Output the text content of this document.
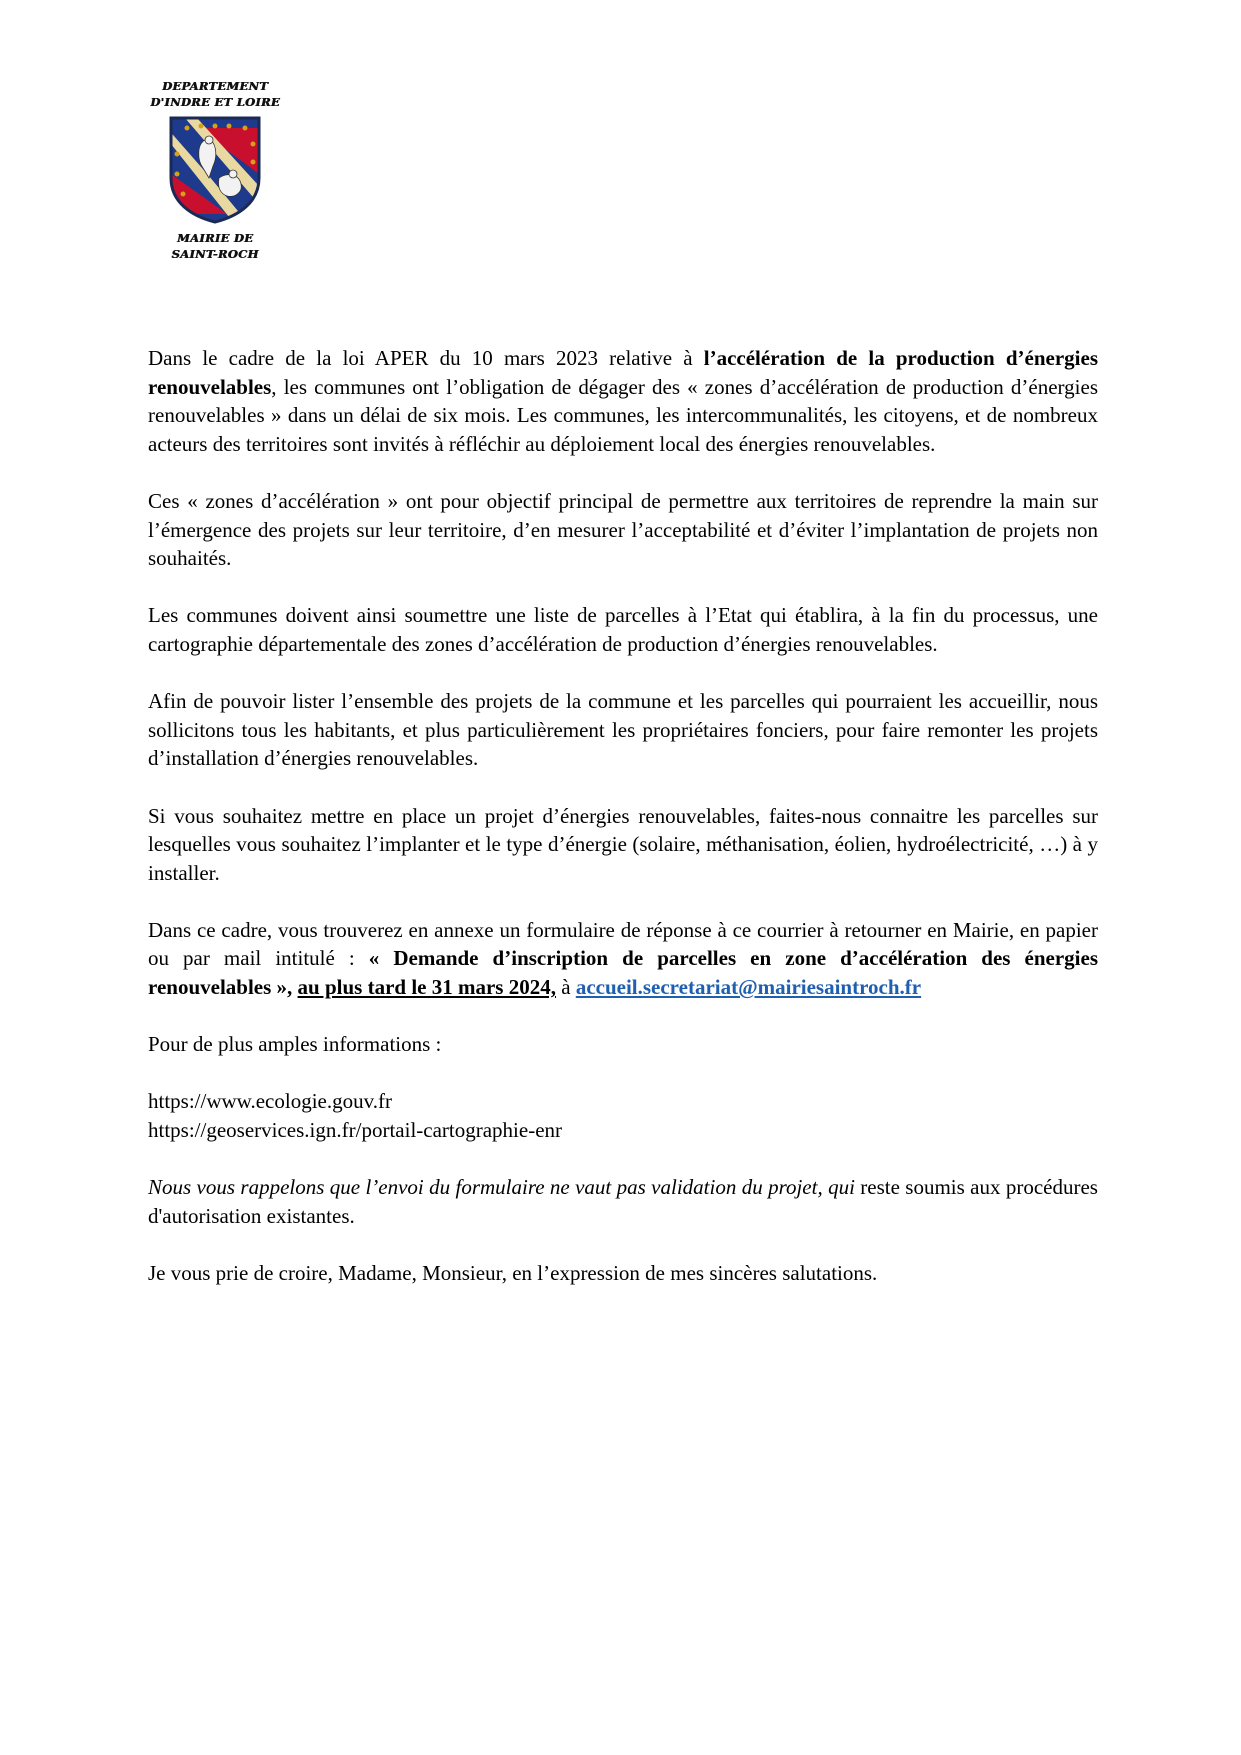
DEPARTEMENT
D'INDRE ET LOIRE
MAIRIE DE
SAINT-ROCH

Dans le cadre de la loi APER du 10 mars 2023 relative à l’accélération de la production d’énergies renouvelables, les communes ont l’obligation de dégager des « zones d’accélération de production d’énergies renouvelables » dans un délai de six mois. Les communes, les intercommunalités, les citoyens, et de nombreux acteurs des territoires sont invités à réfléchir au déploiement local des énergies renouvelables.

Ces « zones d’accélération » ont pour objectif principal de permettre aux territoires de reprendre la main sur l’émergence des projets sur leur territoire, d’en mesurer l’acceptabilité et d’éviter l’implantation de projets non souhaités.

Les communes doivent ainsi soumettre une liste de parcelles à l’Etat qui établira, à la fin du processus, une cartographie départementale des zones d’accélération de production d’énergies renouvelables.

Afin de pouvoir lister l’ensemble des projets de la commune et les parcelles qui pourraient les accueillir, nous sollicitons tous les habitants, et plus particulièrement les propriétaires fonciers, pour faire remonter les projets d’installation d’énergies renouvelables.

Si vous souhaitez mettre en place un projet d’énergies renouvelables, faites-nous connaitre les parcelles sur lesquelles vous souhaitez l’implanter et le type d’énergie (solaire, méthanisation, éolien, hydroélectricité, …) à y installer.

Dans ce cadre, vous trouverez en annexe un formulaire de réponse à ce courrier à retourner en Mairie, en papier ou par mail intitulé : « Demande d’inscription de parcelles en zone d’accélération des énergies renouvelables », au plus tard le 31 mars 2024, à accueil.secretariat@mairiesaintroch.fr

Pour de plus amples informations :

https://www.ecologie.gouv.fr

https://geoservices.ign.fr/portail-cartographie-enr

Nous vous rappelons que l’envoi du formulaire ne vaut pas validation du projet, qui reste soumis aux procédures d'autorisation existantes.

Je vous prie de croire, Madame, Monsieur, en l’expression de mes sincères salutations.
